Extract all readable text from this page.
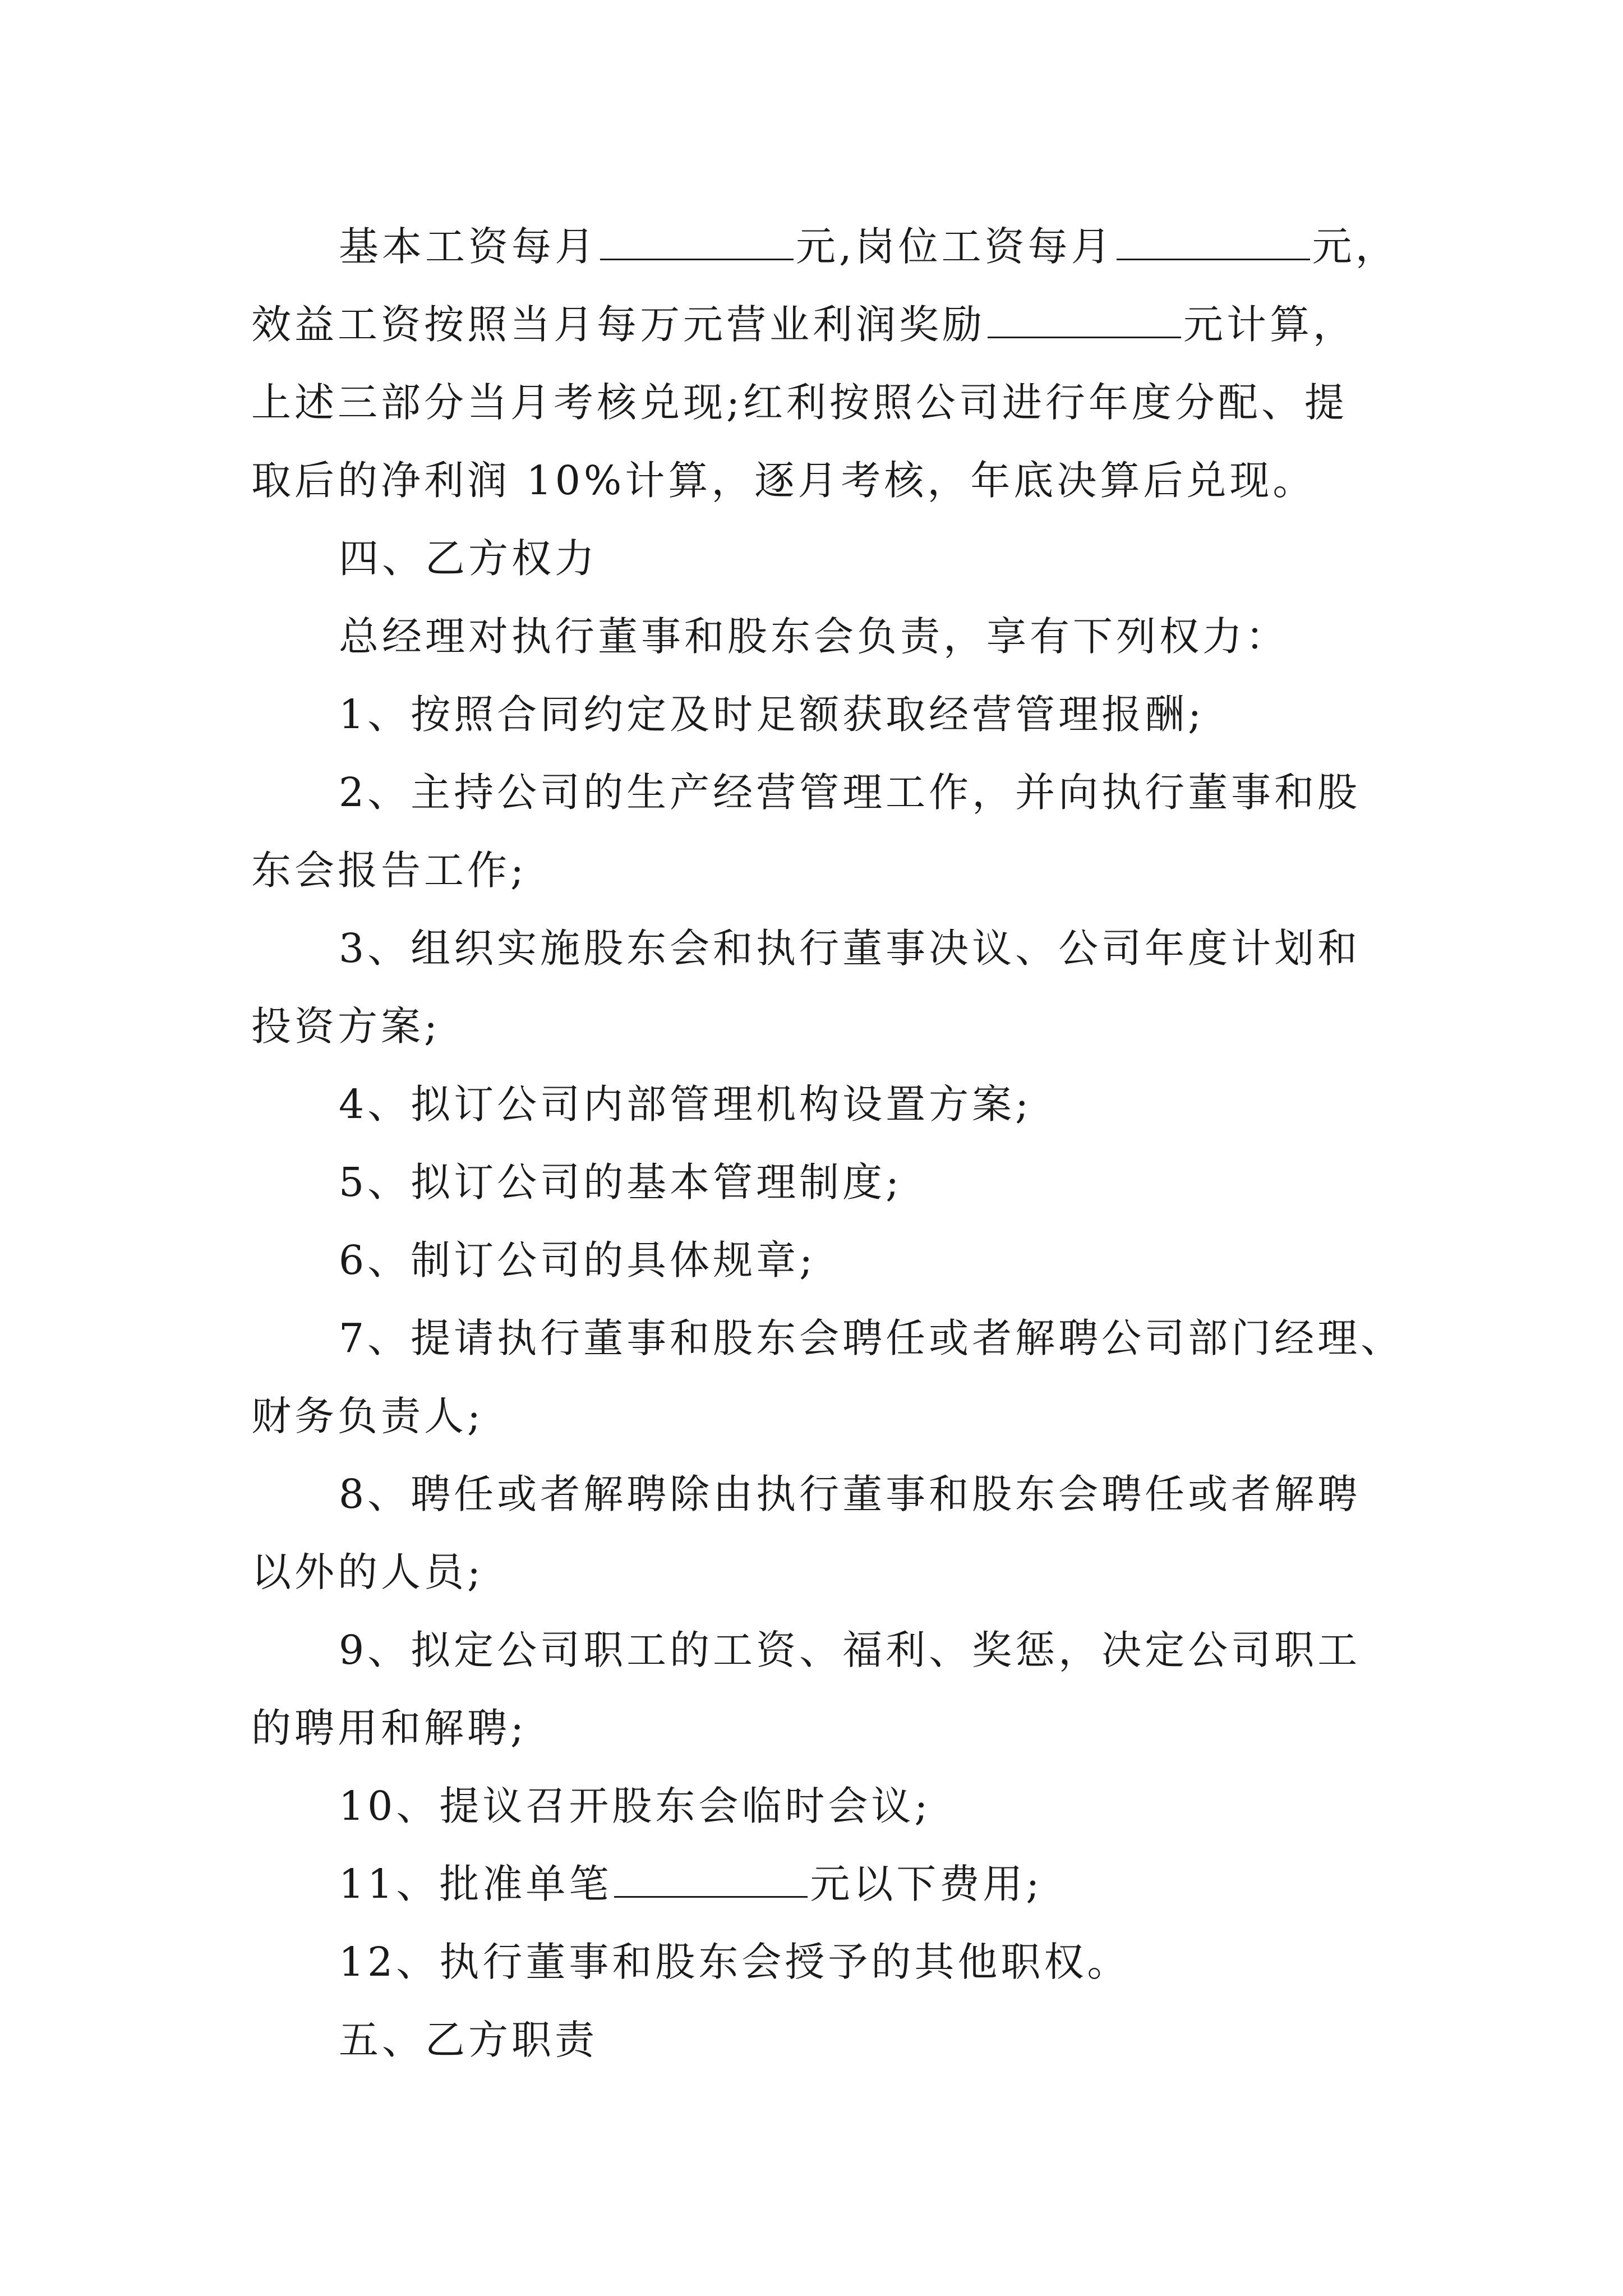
基本工资每月	元,岗位工资每月	元，

效益工资按照当月每万元营业利润奖励	元计算，

上述三部分当月考核兑现;红利按照公司进行年度分配、提

取后的净利润 10%计算，逐月考核，年底决算后兑现。

四、乙方权力

总经理对执行董事和股东会负责，享有下列权力：

1、按照合同约定及时足额获取经营管理报酬;

2、主持公司的生产经营管理工作，并向执行董事和股

东会报告工作;

3、组织实施股东会和执行董事决议、公司年度计划和

投资方案;

4、拟订公司内部管理机构设置方案;

5、拟订公司的基本管理制度;

6、制订公司的具体规章;

7、提请执行董事和股东会聘任或者解聘公司部门经理、

财务负责人;

8、聘任或者解聘除由执行董事和股东会聘任或者解聘

以外的人员;

9、拟定公司职工的工资、福利、奖惩，决定公司职工

的聘用和解聘;

10、提议召开股东会临时会议;

11、批准单笔	元以下费用;

12、执行董事和股东会授予的其他职权。

五、乙方职责
